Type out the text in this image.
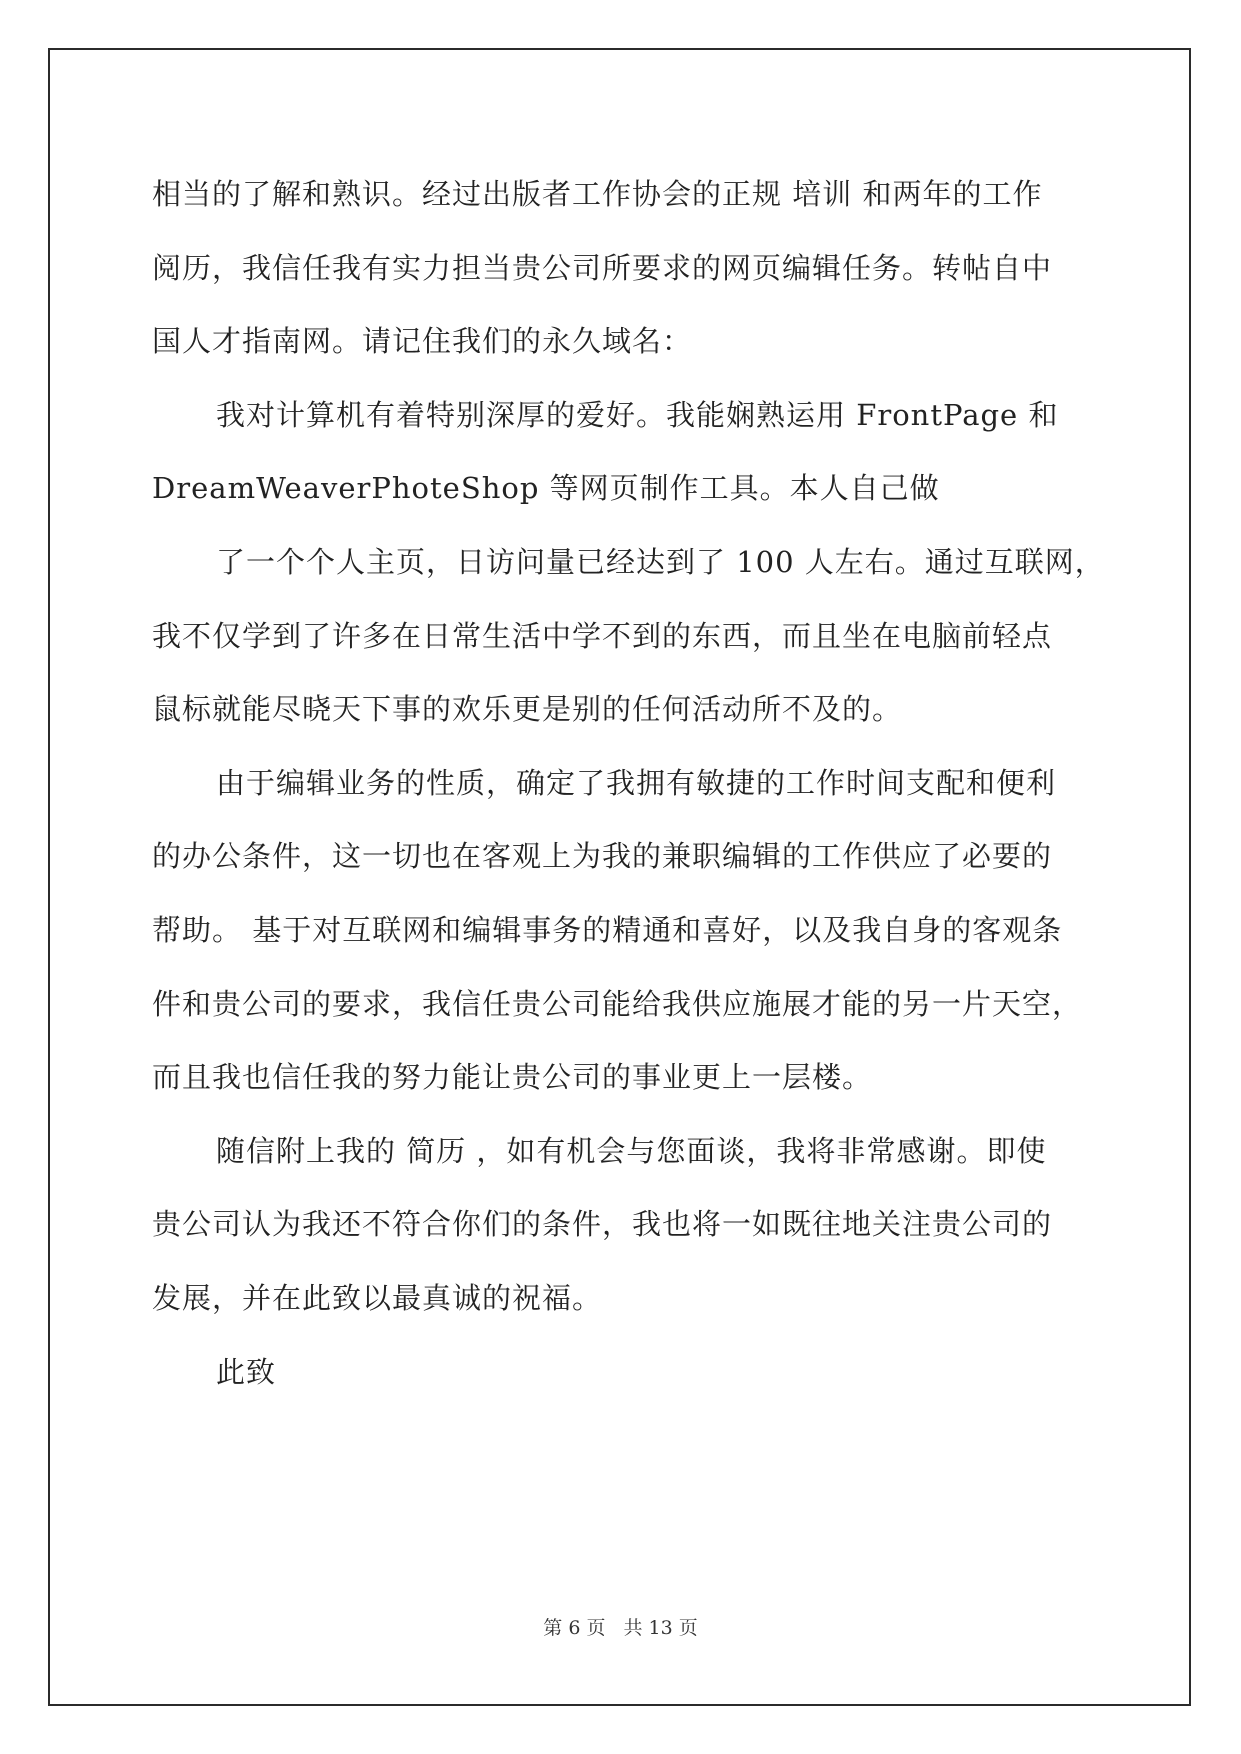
相当的了解和熟识。经过出版者工作协会的正规 培训 和两年的工作
阅历，我信任我有实力担当贵公司所要求的网页编辑任务。转帖自中
国人才指南网。请记住我们的永久域名：
我对计算机有着特别深厚的爱好。我能娴熟运用 FrontPage 和
DreamWeaverPhoteShop 等网页制作工具。本人自己做
了一个个人主页，日访问量已经达到了 100 人左右。通过互联网，
我不仅学到了许多在日常生活中学不到的东西，而且坐在电脑前轻点
鼠标就能尽晓天下事的欢乐更是别的任何活动所不及的。
由于编辑业务的性质，确定了我拥有敏捷的工作时间支配和便利
的办公条件，这一切也在客观上为我的兼职编辑的工作供应了必要的
帮助。 基于对互联网和编辑事务的精通和喜好，以及我自身的客观条
件和贵公司的要求，我信任贵公司能给我供应施展才能的另一片天空，
而且我也信任我的努力能让贵公司的事业更上一层楼。
随信附上我的 简历 ，如有机会与您面谈，我将非常感谢。即使
贵公司认为我还不符合你们的条件，我也将一如既往地关注贵公司的
发展，并在此致以最真诚的祝福。
此致
第 6 页 共 13 页
